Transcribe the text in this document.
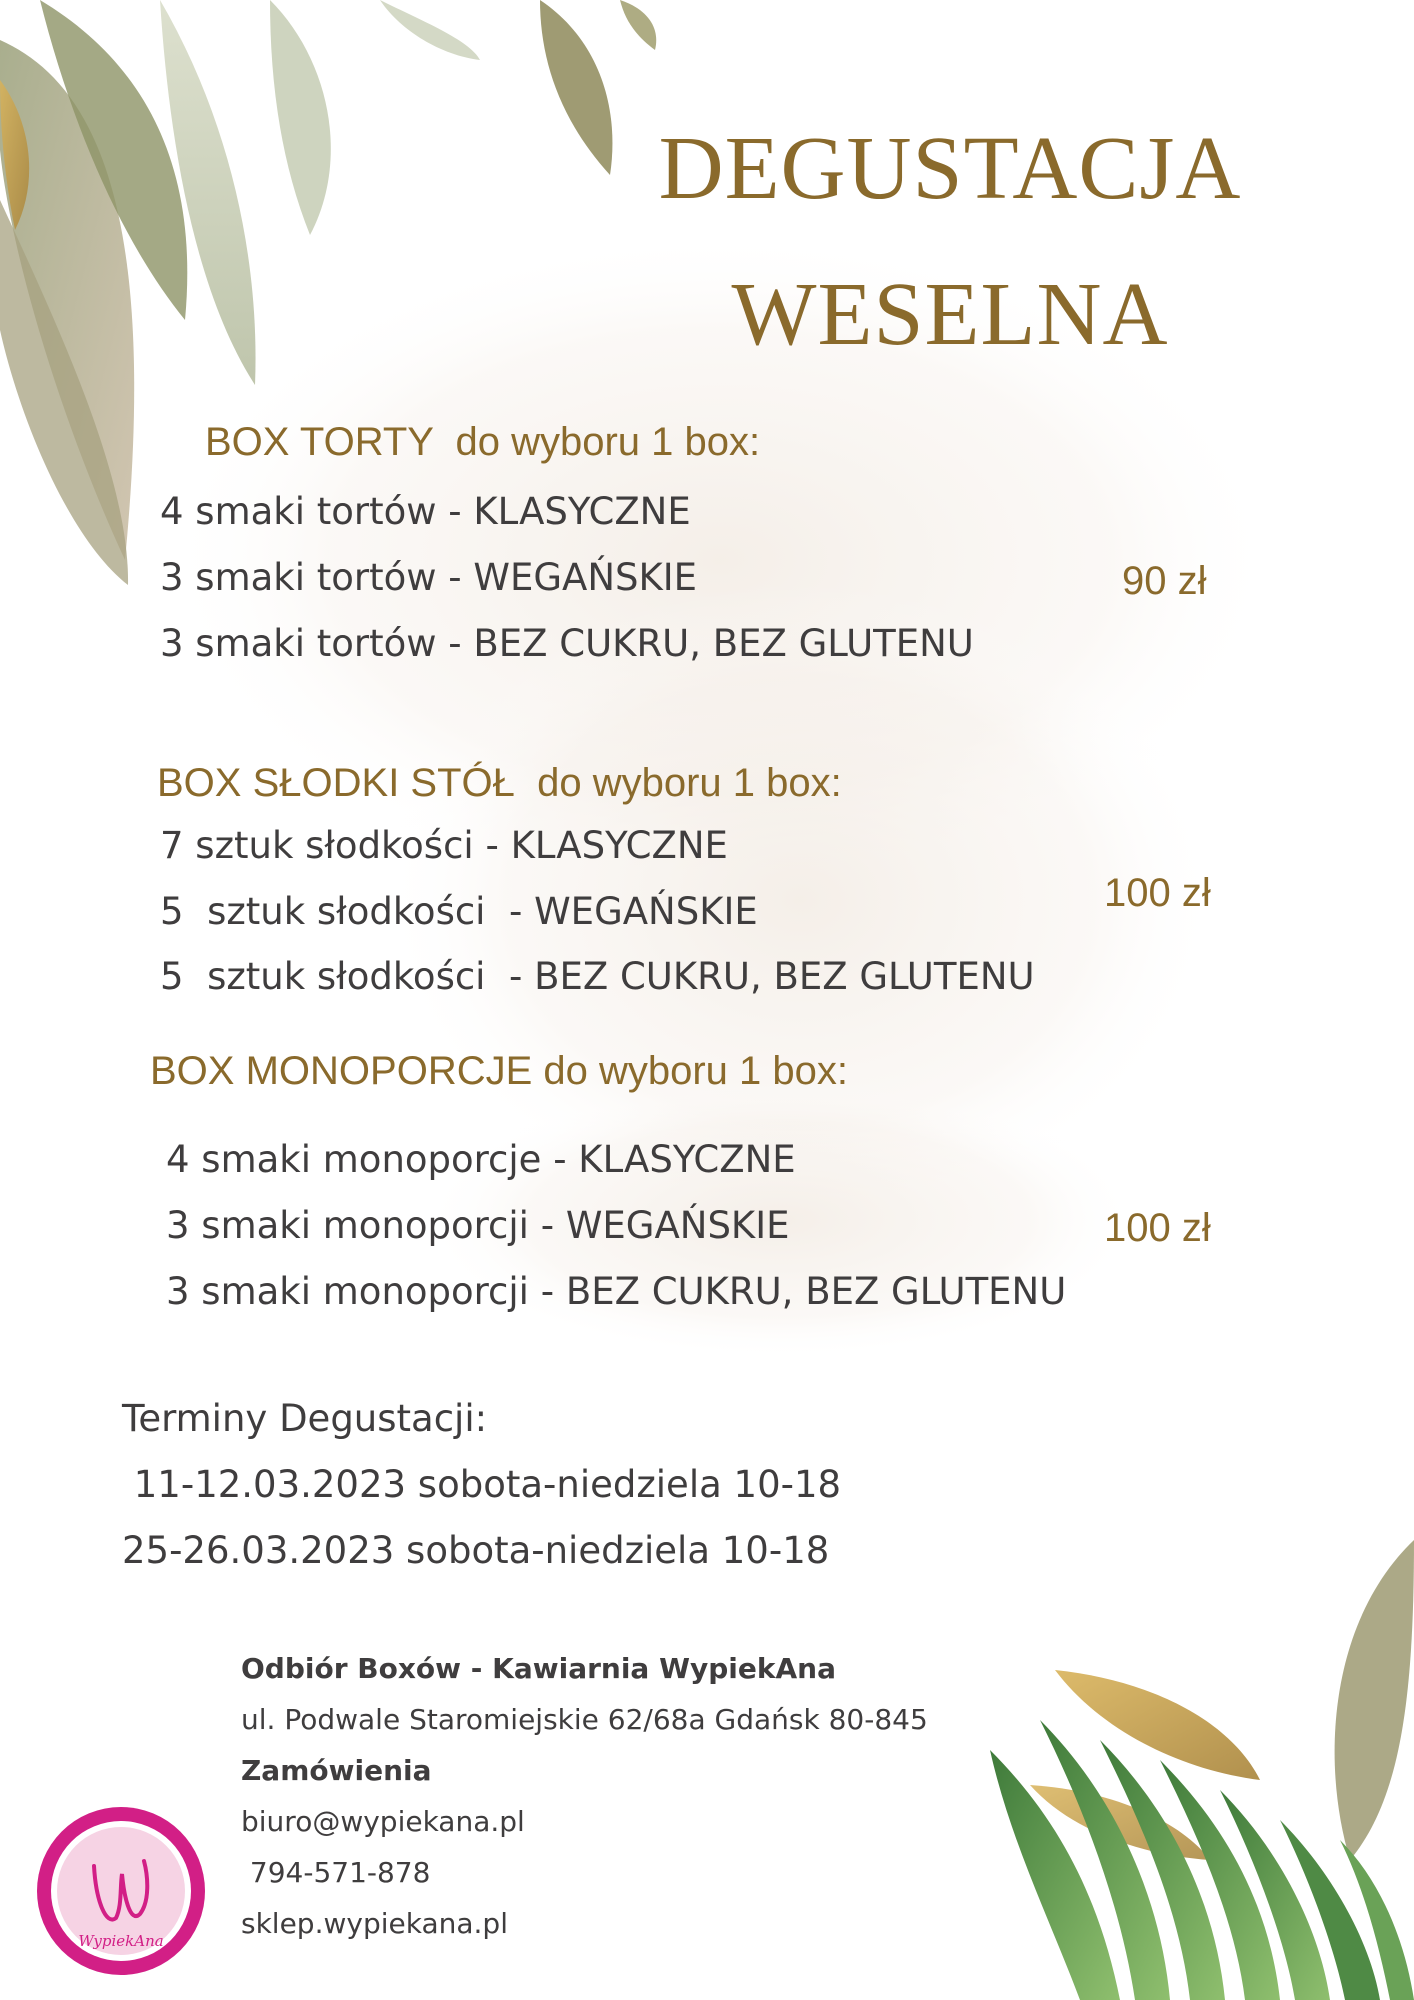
DEGUSTACJA
WESELNA
BOX TORTY  do wyboru 1 box:
4 smaki tortów - KLASYCZNE
3 smaki tortów - WEGAŃSKIE
3 smaki tortów - BEZ CUKRU, BEZ GLUTENU
90 zł
BOX SŁODKI STÓŁ  do wyboru 1 box:
7 sztuk słodkości - KLASYCZNE
5  sztuk słodkości  - WEGAŃSKIE
5  sztuk słodkości  - BEZ CUKRU, BEZ GLUTENU
100 zł
BOX MONOPORCJE do wyboru 1 box:
4 smaki monoporcje - KLASYCZNE
3 smaki monoporcji - WEGAŃSKIE
3 smaki monoporcji - BEZ CUKRU, BEZ GLUTENU
100 zł
Terminy Degustacji:
11-12.03.2023 sobota-niedziela 10-18
25-26.03.2023 sobota-niedziela 10-18
Odbiór Boxów - Kawiarnia WypiekAna
ul. Podwale Staromiejskie 62/68a Gdańsk 80-845
Zamówienia
biuro@wypiekana.pl
794-571-878
sklep.wypiekana.pl
WypiekAna
